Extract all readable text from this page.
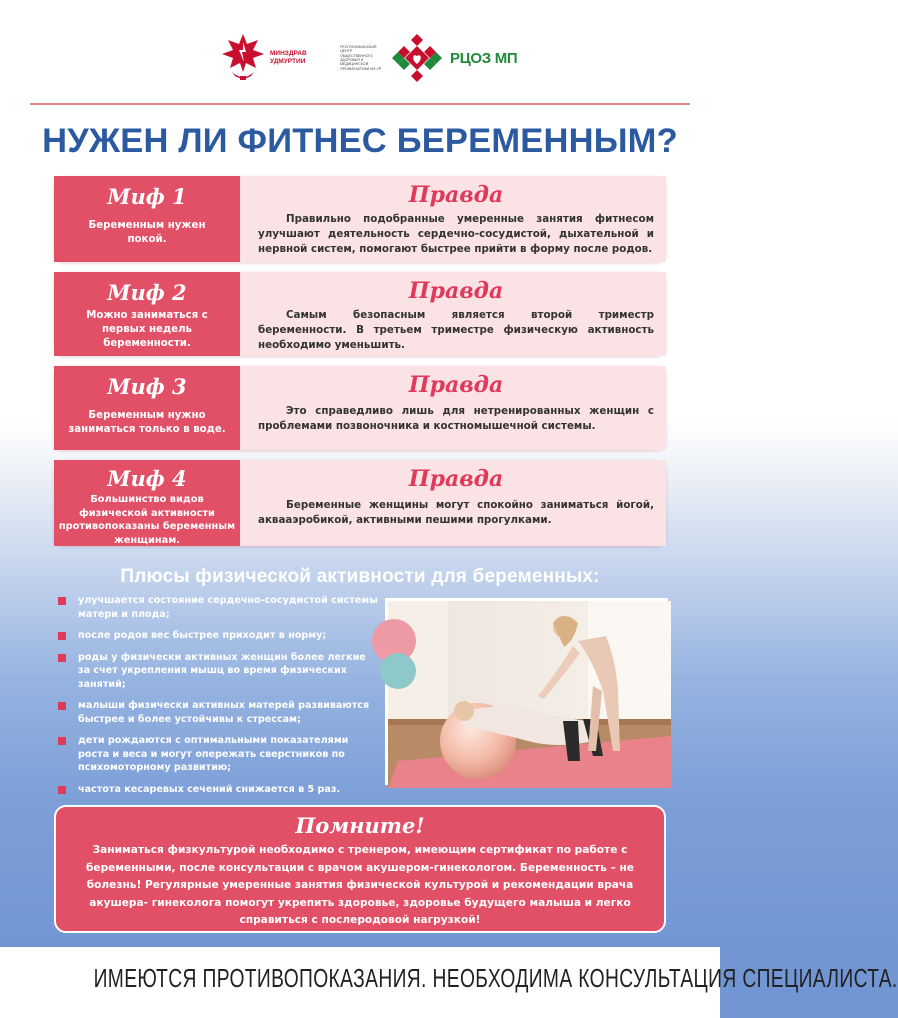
МИНЗДРАВ УДМУРТИИ
РЕСПУБЛИКАНСКИЙ ЦЕНТР ОБЩЕСТВЕННОГО ЗДОРОВЬЯ И МЕДИЦИНСКОЙ ПРОФИЛАКТИКИ МЗ УР
РЦОЗ МП
НУЖЕН ЛИ ФИТНЕС БЕРЕМЕННЫМ?
Миф 1
Беременным нужен покой.
Правда
Правильно подобранные умеренные занятия фитнесом улучшают деятельность сердечно-сосудистой, дыхательной и нервной систем, помогают быстрее прийти в форму после родов.
Миф 2
Можно заниматься с первых недель беременности.
Правда
Самым безопасным является второй триместр беременности. В третьем триместре физическую активность необходимо уменьшить.
Миф 3
Беременным нужно заниматься только в воде.
Правда
Это справедливо лишь для нетренированных женщин с проблемами позвоночника и костномышечной системы.
Миф 4
Большинство видов физической активности противопоказаны беременным женщинам.
Правда
Беременные женщины могут спокойно заниматься йогой, аквааэробикой, активными пешими прогулками.
Плюсы физической активности для беременных:
улучшается состояние сердечно-сосудистой системы матери и плода;
после родов вес быстрее приходит в норму;
роды у физически активных женщин более легкие за счет укрепления мышц во время физических занятий;
малыши физически активных матерей развиваются быстрее и более устойчивы к стрессам;
дети рождаются с оптимальными показателями роста и веса и могут опережать сверстников по психомоторному развитию;
частота кесаревых сечений снижается в 5 раз.
Помните!
Заниматься физкультурой необходимо с тренером, имеющим сертификат по работе с беременными, после консультации с врачом акушером-гинекологом. Беременность – не болезнь! Регулярные умеренные занятия физической культурой и рекомендации врача акушера- гинеколога помогут укрепить здоровье, здоровье будущего малыша и легко справиться с послеродовой нагрузкой!
ИМЕЮТСЯ ПРОТИВОПОКАЗАНИЯ. НЕОБХОДИМА КОНСУЛЬТАЦИЯ СПЕЦИАЛИСТА.
